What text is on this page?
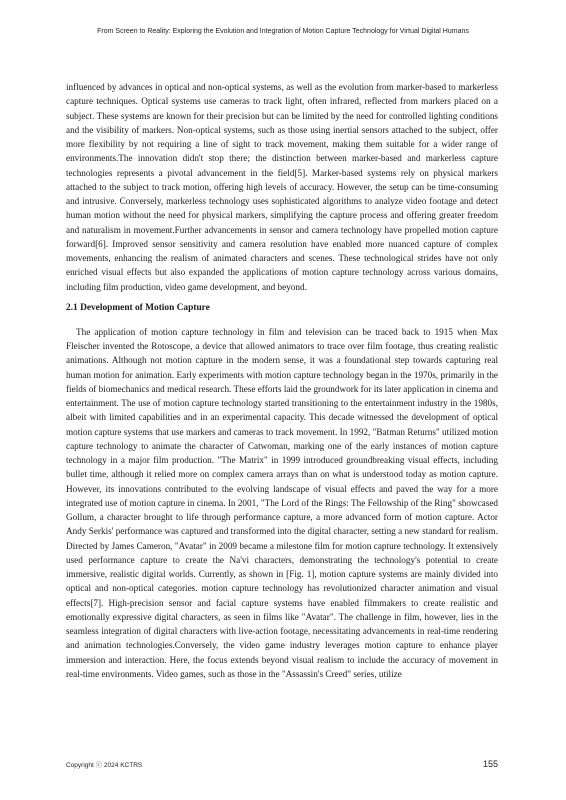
From Screen to Reality: Exploring the Evolution and Integration of Motion Capture Technology for Virtual Digital Humans

influenced by advances in optical and non-optical systems, as well as the evolution from marker-based to markerless capture techniques. Optical systems use cameras to track light, often infrared, reflected from markers placed on a subject. These systems are known for their precision but can be limited by the need for controlled lighting conditions and the visibility of markers. Non-optical systems, such as those using inertial sensors attached to the subject, offer more flexibility by not requiring a line of sight to track movement, making them suitable for a wider range of environments.The innovation didn't stop there; the distinction between marker-based and markerless capture technologies represents a pivotal advancement in the field[5]. Marker-based systems rely on physical markers attached to the subject to track motion, offering high levels of accuracy. However, the setup can be time-consuming and intrusive. Conversely, markerless technology uses sophisticated algorithms to analyze video footage and detect human motion without the need for physical markers, simplifying the capture process and offering greater freedom and naturalism in movement.Further advancements in sensor and camera technology have propelled motion capture forward[6]. Improved sensor sensitivity and camera resolution have enabled more nuanced capture of complex movements, enhancing the realism of animated characters and scenes. These technological strides have not only enriched visual effects but also expanded the applications of motion capture technology across various domains, including film production, video game development, and beyond.

2.1 Development of Motion Capture

The application of motion capture technology in film and television can be traced back to 1915 when Max Fleischer invented the Rotoscope, a device that allowed animators to trace over film footage, thus creating realistic animations. Although not motion capture in the modern sense, it was a foundational step towards capturing real human motion for animation. Early experiments with motion capture technology began in the 1970s, primarily in the fields of biomechanics and medical research. These efforts laid the groundwork for its later application in cinema and entertainment. The use of motion capture technology started transitioning to the entertainment industry in the 1980s, albeit with limited capabilities and in an experimental capacity. This decade witnessed the development of optical motion capture systems that use markers and cameras to track movement. In 1992, "Batman Returns" utilized motion capture technology to animate the character of Catwoman, marking one of the early instances of motion capture technology in a major film production. "The Matrix" in 1999 introduced groundbreaking visual effects, including bullet time, although it relied more on complex camera arrays than on what is understood today as motion capture. However, its innovations contributed to the evolving landscape of visual effects and paved the way for a more integrated use of motion capture in cinema. In 2001, "The Lord of the Rings: The Fellowship of the Ring" showcased Gollum, a character brought to life through performance capture, a more advanced form of motion capture. Actor Andy Serkis' performance was captured and transformed into the digital character, setting a new standard for realism. Directed by James Cameron, "Avatar" in 2009 became a milestone film for motion capture technology. It extensively used performance capture to create the Na'vi characters, demonstrating the technology's potential to create immersive, realistic digital worlds. Currently, as shown in [Fig. 1], motion capture systems are mainly divided into optical and non-optical categories. motion capture technology has revolutionized character animation and visual effects[7]. High-precision sensor and facial capture systems have enabled filmmakers to create realistic and emotionally expressive digital characters, as seen in films like "Avatar". The challenge in film, however, lies in the seamless integration of digital characters with live-action footage, necessitating advancements in real-time rendering and animation technologies.Conversely, the video game industry leverages motion capture to enhance player immersion and interaction. Here, the focus extends beyond visual realism to include the accuracy of movement in real-time environments. Video games, such as those in the "Assassin's Creed" series, utilize

Copyright ⓒ 2024 KCTRS	155
